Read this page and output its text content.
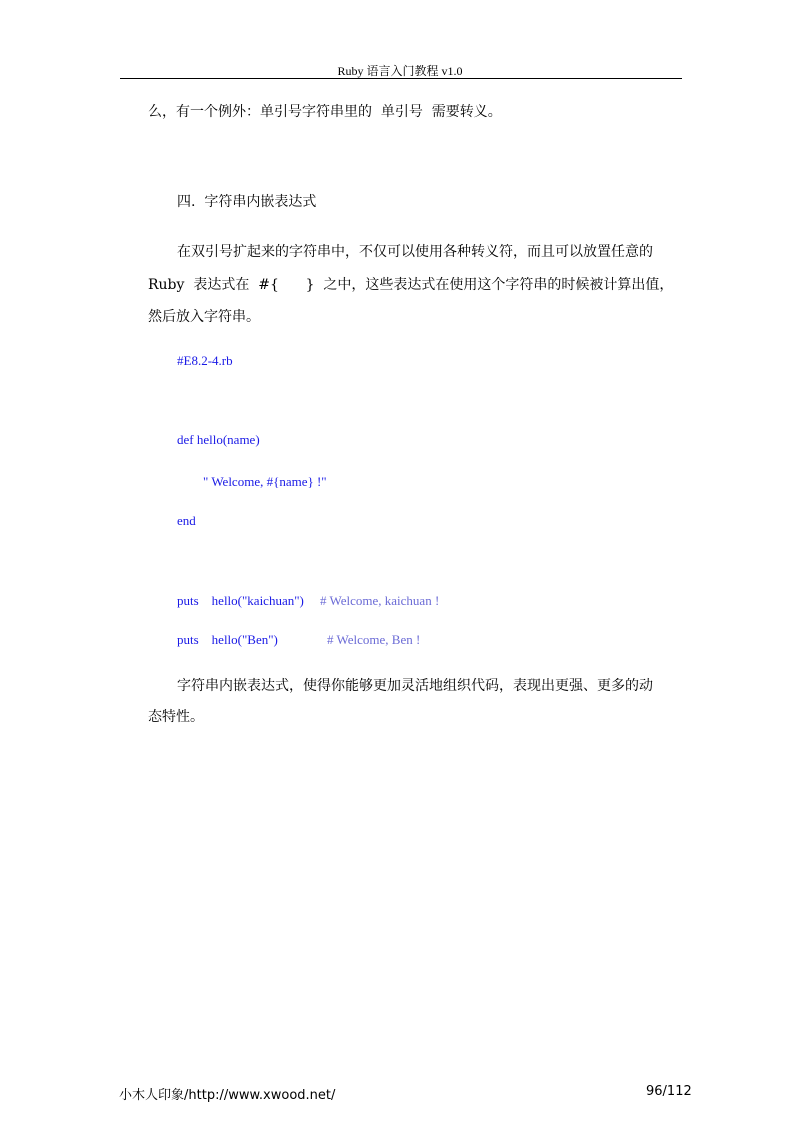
Ruby 语言入门教程 v1.0
么，有一个例外：单引号字符串里的  单引号  需要转义。
四.  字符串内嵌表达式
在双引号扩起来的字符串中，不仅可以使用各种转义符，而且可以放置任意的
Ruby  表达式在  #{      }  之中，这些表达式在使用这个字符串的时候被计算出值，
然后放入字符串。
#E8.2-4.rb
def hello(name)
" Welcome, #{name} !"
end
puts    hello("kaichuan") # Welcome, kaichuan !
puts    hello("Ben")	# Welcome, Ben !
字符串内嵌表达式，使得你能够更加灵活地组织代码，表现出更强、更多的动
态特性。
小木人印象/http://www.xwood.net/	96/112
